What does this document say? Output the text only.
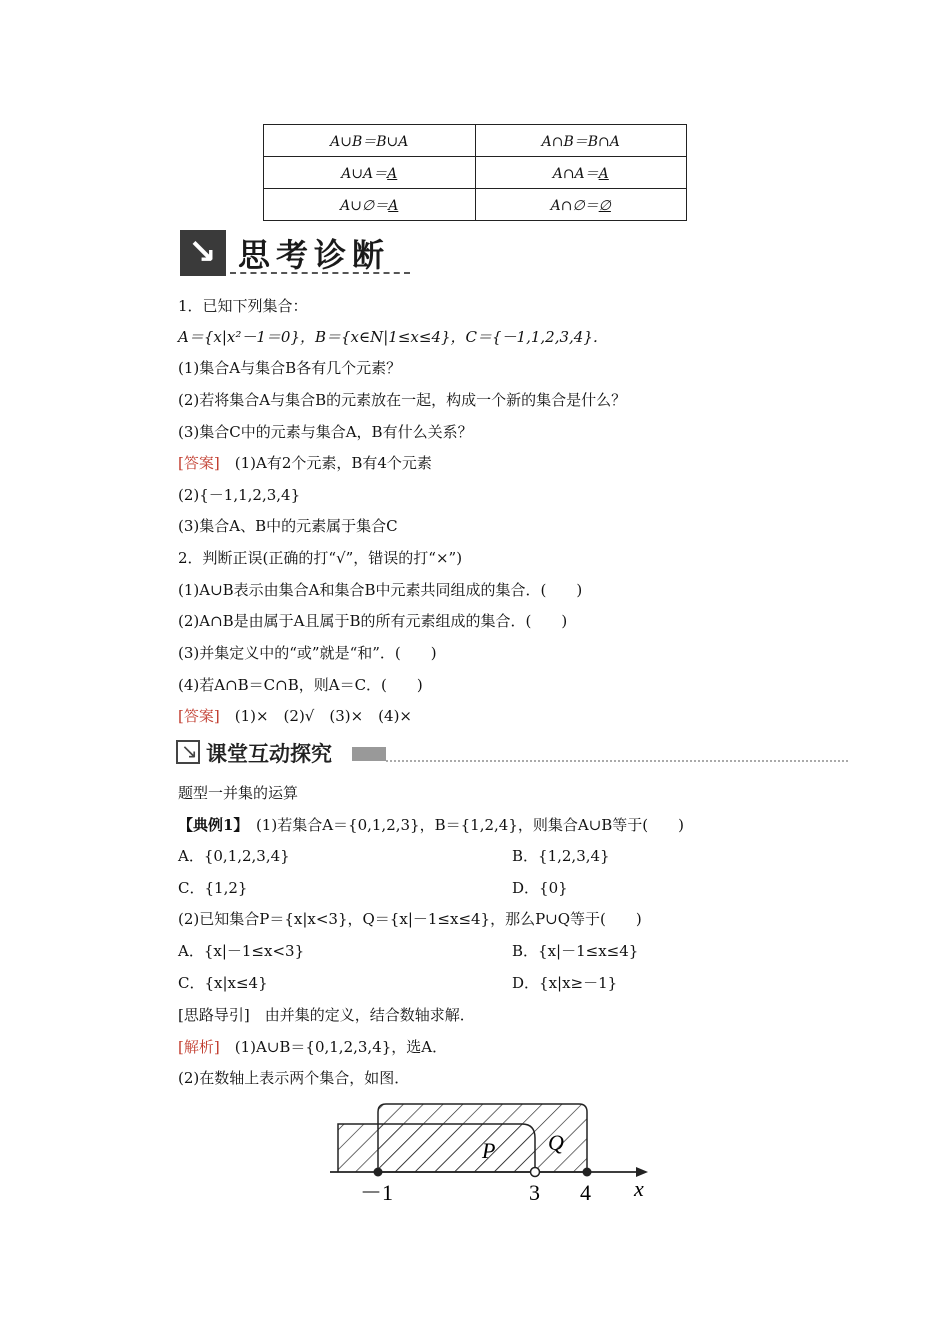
A∪B＝B∪A	A∩B＝B∩A
A∪A＝A	A∩A＝A
A∪∅＝A	A∩∅＝∅
↘ 思考诊断
1．已知下列集合：
A＝{x|x²－1＝0}，B＝{x∈N|1≤x≤4}，C＝{－1,1,2,3,4}．
(1)集合A与集合B各有几个元素？
(2)若将集合A与集合B的元素放在一起，构成一个新的集合是什么？
(3)集合C中的元素与集合A，B有什么关系？
[答案]　 (1)A有2个元素，B有4个元素
(2){－1,1,2,3,4}
(3)集合A、B中的元素属于集合C
2．判断正误(正确的打“√”，错误的打“×”)
(1)A∪B表示由集合A和集合B中元素共同组成的集合．(　　)
(2)A∩B是由属于A且属于B的所有元素组成的集合．(　　)
(3)并集定义中的“或”就是“和”．(　　)
(4)若A∩B＝C∩B，则A＝C．(　　)
[答案]　 (1)×　(2)√　(3)×　(4)×
↘ 课堂互动探究
题型一并集的运算
【典例1】　 (1)若集合A＝{0,1,2,3}，B＝{1,2,4}，则集合A∪B等于(　　)
A．{0,1,2,3,4}	B．{1,2,3,4}
C．{1,2}	D．{0}
(2)已知集合P＝{x|x<3}，Q＝{x|－1≤x≤4}，那么P∪Q等于(　　)
A．{x|－1≤x<3}	B．{x|－1≤x≤4}
C．{x|x≤4}	D．{x|x≥－1}
[思路导引]　 由并集的定义，结合数轴求解．
[解析]　 (1)A∪B＝{0,1,2,3,4}，选A．
(2)在数轴上表示两个集合，如图．
P Q
－1	3 4 x
